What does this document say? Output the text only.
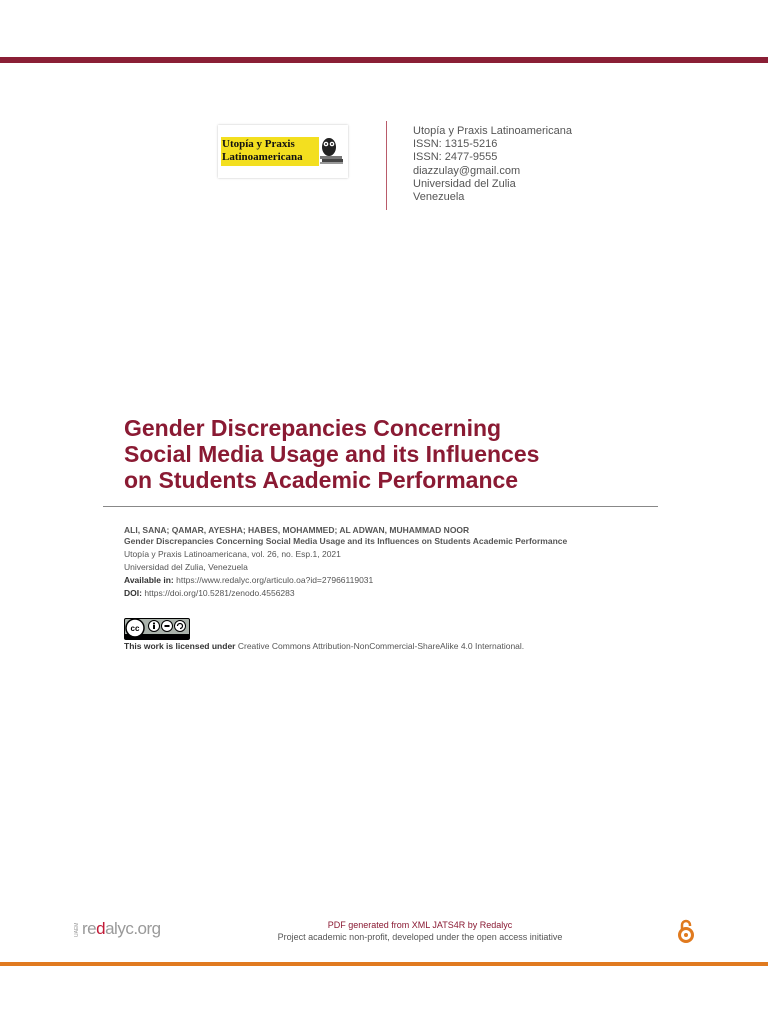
Utopía y Praxis
Latinoamericana
Utopía y Praxis Latinoamericana
ISSN: 1315-5216
ISSN: 2477-9555
diazzulay@gmail.com
Universidad del Zulia
Venezuela
Gender Discrepancies Concerning
Social Media Usage and its Influences
on Students Academic Performance
ALI, SANA; QAMAR, AYESHA; HABES, MOHAMMED; AL ADWAN, MUHAMMAD NOOR
Gender Discrepancies Concerning Social Media Usage and its Influences on Students Academic Performance
Utopía y Praxis Latinoamericana, vol. 26, no. Esp.1, 2021
Universidad del Zulia, Venezuela
Available in: https://www.redalyc.org/articulo.oa?id=27966119031
DOI: https://doi.org/10.5281/zenodo.4556283
cc
This work is licensed under Creative Commons Attribution-NonCommercial-ShareAlike 4.0 International.
UAEM redalyc.org	PDF generated from XML JATS4R by Redalyc
Project academic non-profit, developed under the open access initiative
